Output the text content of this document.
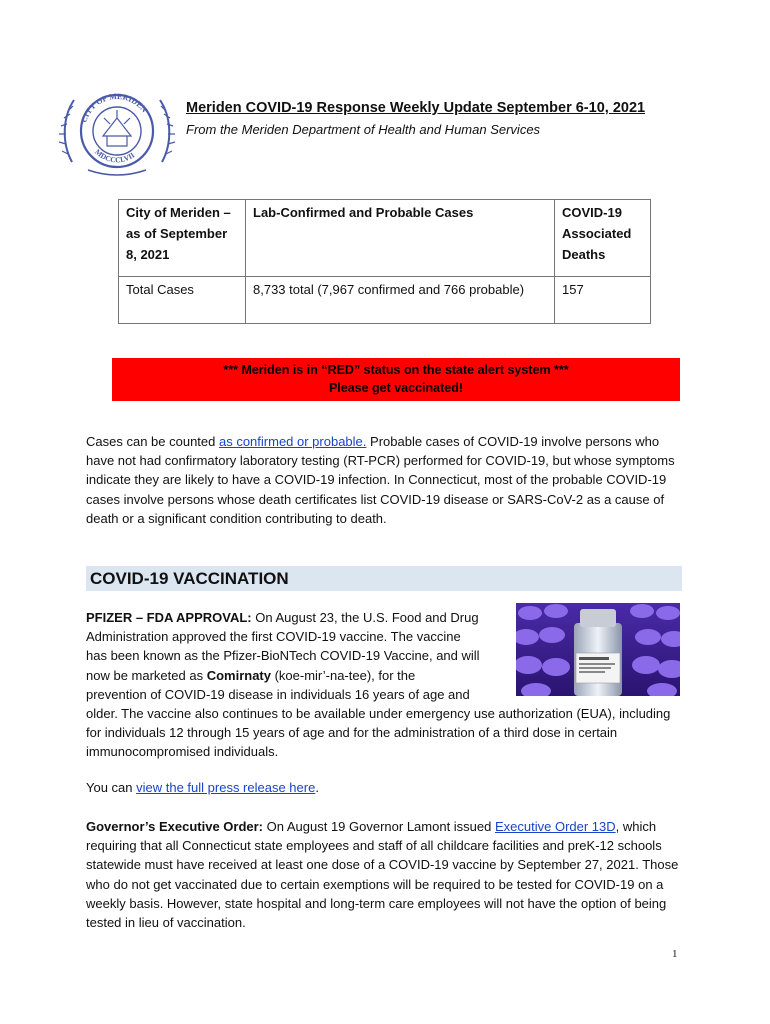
CITY OF MERIDEN
MDCCCLVII
Meriden COVID-19 Response Weekly Update September 6-10, 2021
From the Meriden Department of Health and Human Services
City of Meriden – as of September 8, 2021	Lab-Confirmed and Probable Cases	COVID-19 Associated Deaths
Total Cases	8,733 total (7,967 confirmed and 766 probable)	157
*** Meriden is in “RED” status on the state alert system ***
Please get vaccinated!
Cases can be counted as confirmed or probable. Probable cases of COVID-19 involve persons who have not had confirmatory laboratory testing (RT-PCR) performed for COVID-19, but whose symptoms indicate they are likely to have a COVID-19 infection. In Connecticut, most of the probable COVID-19 cases involve persons whose death certificates list COVID-19 disease or SARS-CoV-2 as a cause of death or a significant condition contributing to death.
COVID-19 VACCINATION
PFIZER – FDA APPROVAL: On August 23, the U.S. Food and Drug
Administration approved the first COVID-19 vaccine. The vaccine
has been known as the Pfizer-BioNTech COVID-19 Vaccine, and will
now be marketed as Comirnaty (koe-mir’-na-tee), for the
prevention of COVID-19 disease in individuals 16 years of age and
older. The vaccine also continues to be available under emergency use authorization (EUA), including for individuals 12 through 15 years of age and for the administration of a third dose in certain immunocompromised individuals.
You can view the full press release here.
Governor’s Executive Order: On August 19 Governor Lamont issued Executive Order 13D, which requiring that all Connecticut state employees and staff of all childcare facilities and preK-12 schools statewide must have received at least one dose of a COVID-19 vaccine by September 27, 2021. Those who do not get vaccinated due to certain exemptions will be required to be tested for COVID-19 on a weekly basis. However, state hospital and long-term care employees will not have the option of being tested in lieu of vaccination.
1
